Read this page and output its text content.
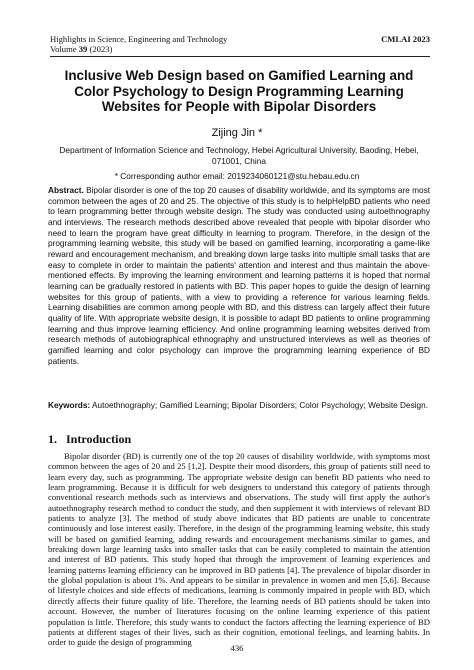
Highlights in Science, Engineering and Technology
Volume 39 (2023)
CMLAI 2023
Inclusive Web Design based on Gamified Learning and Color Psychology to Design Programming Learning Websites for People with Bipolar Disorders
Zijing Jin *
Department of Information Science and Technology, Hebei Agricultural University, Baoding, Hebei, 071001, China
* Corresponding author email: 2019234060121@stu.hebau.edu.cn
Abstract. Bipolar disorder is one of the top 20 causes of disability worldwide, and its symptoms are most common between the ages of 20 and 25. The objective of this study is to helpHelpBD patients who need to learn programming better through website design. The study was conducted using autoethnography and interviews. The research methods described above revealed that people with bipolar disorder who need to learn the program have great difficulty in learning to program. Therefore, in the design of the programming learning website, this study will be based on gamified learning, incorporating a game-like reward and encouragement mechanism, and breaking down large tasks into multiple small tasks that are easy to complete in order to maintain the patients' attention and interest and thus maintain the above-mentioned effects. By improving the learning environment and learning patterns it is hoped that normal learning can be gradually restored in patients with BD. This paper hopes to guide the design of learning websites for this group of patients, with a view to providing a reference for various learning fields. Learning disabilities are common among people with BD, and this distress can largely affect their future quality of life. With appropriate website design, it is possible to adapt BD patients to online programming learning and thus improve learning efficiency. And online programming learning websites derived from research methods of autobiographical ethnography and unstructured interviews as well as theories of gamified learning and color psychology can improve the programming learning experience of BD patients.
Keywords: Autoethnography; Gamified Learning; Bipolar Disorders; Color Psychology; Website Design.
1. Introduction
Bipolar disorder (BD) is currently one of the top 20 causes of disability worldwide, with symptoms most common between the ages of 20 and 25 [1,2]. Despite their mood disorders, this group of patients still need to learn every day, such as programming. The appropriate website design can benefit BD patients who need to learn programming. Because it is difficult for web designers to understand this category of patients through conventional research methods such as interviews and observations. The study will first apply the author's autoethnography research method to conduct the study, and then supplement it with interviews of relevant BD patients to analyze [3]. The method of study above indicates that BD patients are unable to concentrate continuously and lose interest easily. Therefore, in the design of the programming learning website, this study will be based on gamified learning, adding rewards and encouragement mechanisms similar to games, and breaking down large learning tasks into smaller tasks that can be easily completed to maintain the attention and interest of BD patients. This study hoped that through the improvement of learning experiences and learning patterns learning efficiency can be improved in BD patients [4]. The prevalence of bipolar disorder in the global population is about 1%. And appears to be similar in prevalence in women and men [5,6]. Because of lifestyle choices and side effects of medications, learning is commonly impaired in people with BD, which directly affects their future quality of life. Therefore, the learning needs of BD patients should be taken into account. However, the number of literatures focusing on the online learning experience of this patient population is little. Therefore, this study wants to conduct the factors affecting the learning experience of BD patients at different stages of their lives, such as their cognition, emotional feelings, and learning habits. In order to guide the design of programming
436
